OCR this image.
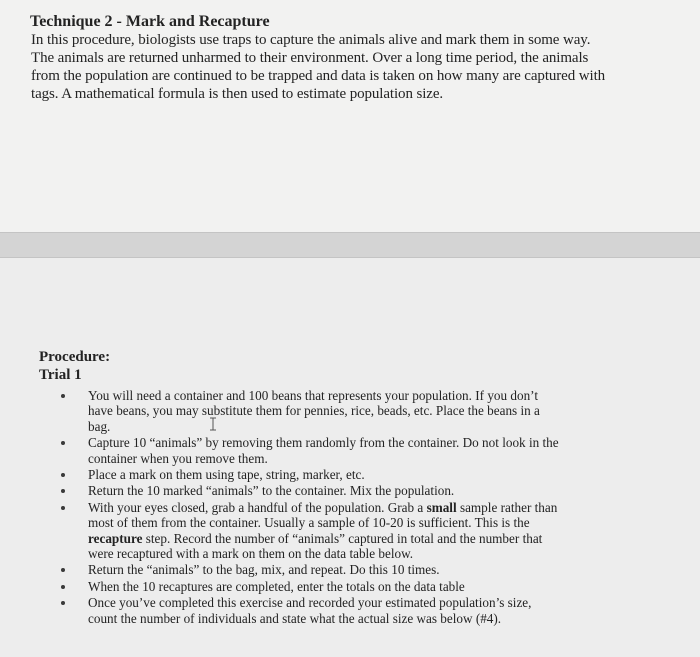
Technique 2 - Mark and Recapture
In this procedure, biologists use traps to capture the animals alive and mark them in some way.
The animals are returned unharmed to their environment. Over a long time period, the animals
from the population are continued to be trapped and data is taken on how many are captured with
tags. A mathematical formula is then used to estimate population size.
Procedure:
Trial 1
You will need a container and 100 beans that represents your population. If you don’t
have beans, you may substitute them for pennies, rice, beads, etc. Place the beans in a
bag.
Capture 10 “animals” by removing them randomly from the container. Do not look in the
container when you remove them.
Place a mark on them using tape, string, marker, etc.
Return the 10 marked “animals” to the container. Mix the population.
With your eyes closed, grab a handful of the population. Grab a small sample rather than
most of them from the container. Usually a sample of 10-20 is sufficient. This is the
recapture step. Record the number of “animals” captured in total and the number that
were recaptured with a mark on them on the data table below.
Return the “animals” to the bag, mix, and repeat. Do this 10 times.
When the 10 recaptures are completed, enter the totals on the data table
Once you’ve completed this exercise and recorded your estimated population’s size,
count the number of individuals and state what the actual size was below (#4).
